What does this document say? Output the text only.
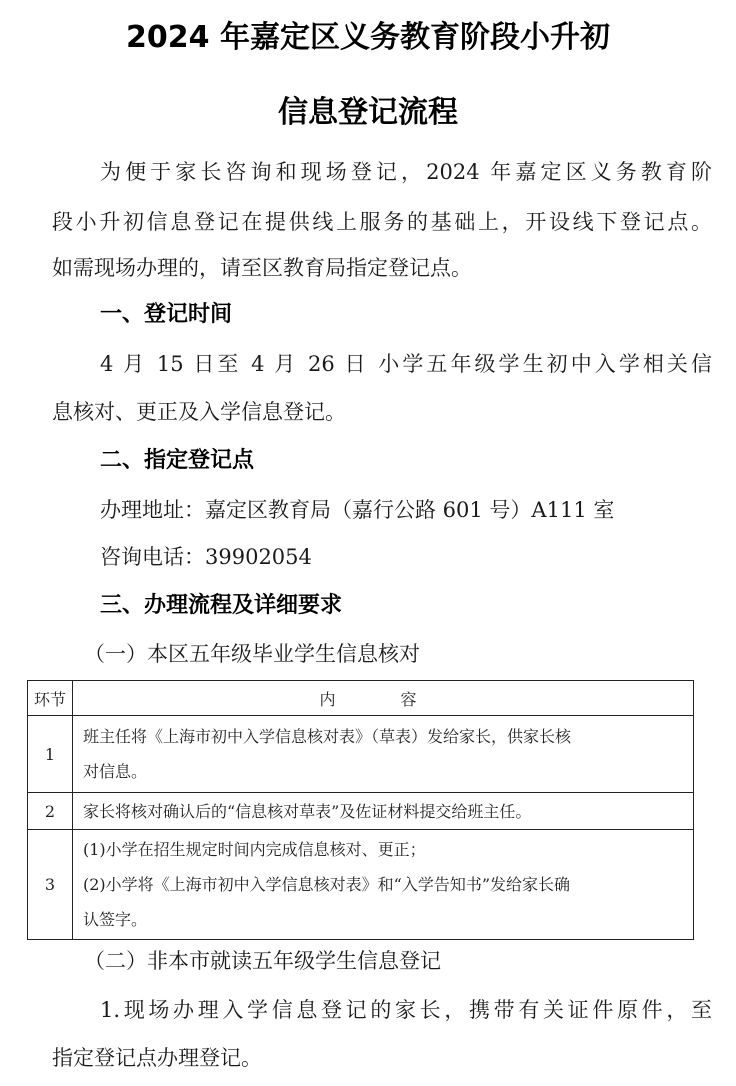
2024 年嘉定区义务教育阶段小升初
信息登记流程
为便于家长咨询和现场登记，2024 年嘉定区义务教育阶
段小升初信息登记在提供线上服务的基础上，开设线下登记点。
如需现场办理的，请至区教育局指定登记点。
一、登记时间
4 月 15 日至 4 月 26 日 小学五年级学生初中入学相关信
息核对、更正及入学信息登记。
二、指定登记点
办理地址：嘉定区教育局（嘉行公路 601 号）A111 室
咨询电话：39902054
三、办理流程及详细要求
（一）本区五年级毕业学生信息核对
环节	内 容
1	班主任将《上海市初中入学信息核对表》（草表）发给家长，供家长核
对信息。

2	家长将核对确认后的“信息核对草表”及佐证材料提交给班主任。

3	(1)小学在招生规定时间内完成信息核对、更正；
(2)小学将《上海市初中入学信息核对表》和“入学告知书”发给家长确
认签字。
（二）非本市就读五年级学生信息登记
1.现场办理入学信息登记的家长，携带有关证件原件，至
指定登记点办理登记。
